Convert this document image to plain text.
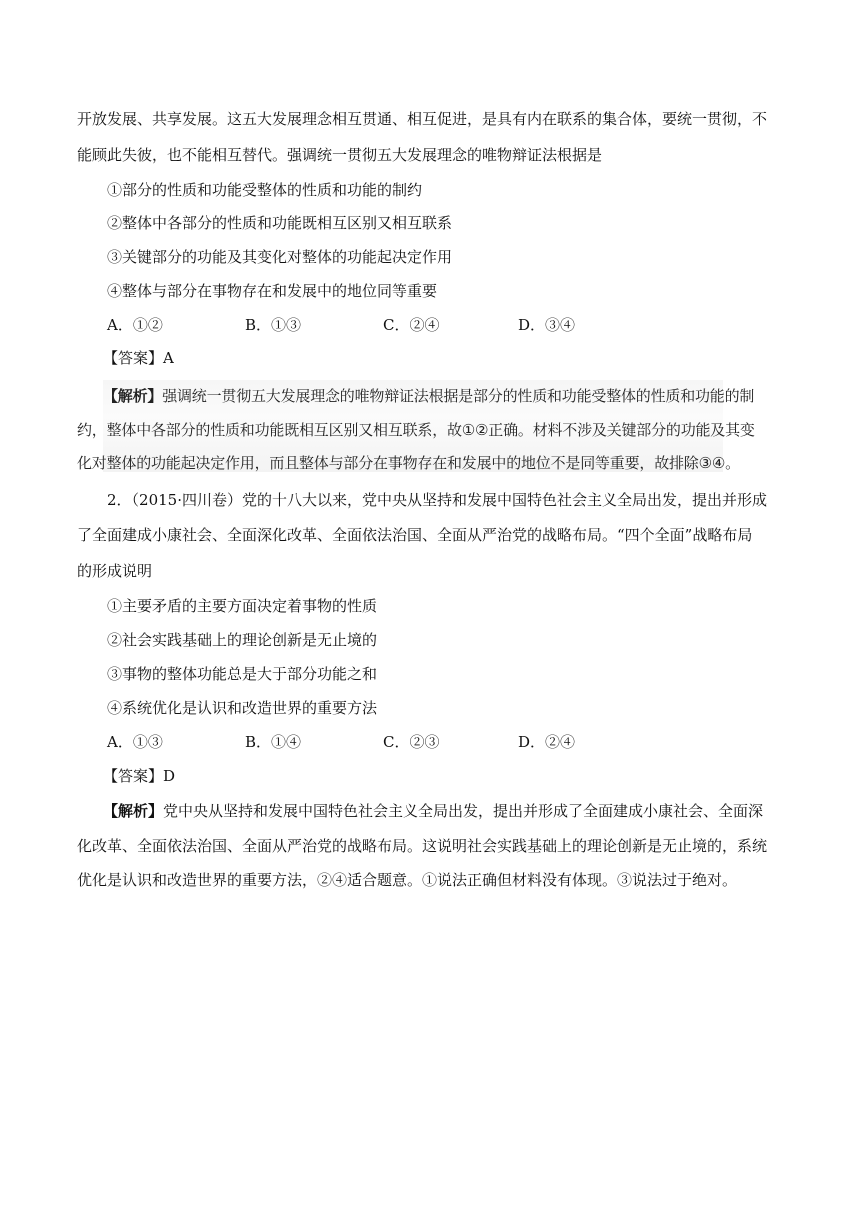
开放发展、共享发展。这五大发展理念相互贯通、相互促进，是具有内在联系的集合体，要统一贯彻，不
能顾此失彼，也不能相互替代。强调统一贯彻五大发展理念的唯物辩证法根据是
①部分的性质和功能受整体的性质和功能的制约
②整体中各部分的性质和功能既相互区别又相互联系
③关键部分的功能及其变化对整体的功能起决定作用
④整体与部分在事物存在和发展中的地位同等重要
A．①②	B．①③	C．②④	D．③④
【答案】A
【解析】强调统一贯彻五大发展理念的唯物辩证法根据是部分的性质和功能受整体的性质和功能的制
约，整体中各部分的性质和功能既相互区别又相互联系，故①②正确。材料不涉及关键部分的功能及其变
化对整体的功能起决定作用，而且整体与部分在事物存在和发展中的地位不是同等重要，故排除③④。
2．（2015·四川卷）党的十八大以来，党中央从坚持和发展中国特色社会主义全局出发，提出并形成
了全面建成小康社会、全面深化改革、全面依法治国、全面从严治党的战略布局。“四个全面”战略布局
的形成说明
①主要矛盾的主要方面决定着事物的性质
②社会实践基础上的理论创新是无止境的
③事物的整体功能总是大于部分功能之和
④系统优化是认识和改造世界的重要方法
A．①③	B．①④	C．②③	D．②④
【答案】D
【解析】党中央从坚持和发展中国特色社会主义全局出发，提出并形成了全面建成小康社会、全面深
化改革、全面依法治国、全面从严治党的战略布局。这说明社会实践基础上的理论创新是无止境的，系统
优化是认识和改造世界的重要方法，②④适合题意。①说法正确但材料没有体现。③说法过于绝对。
